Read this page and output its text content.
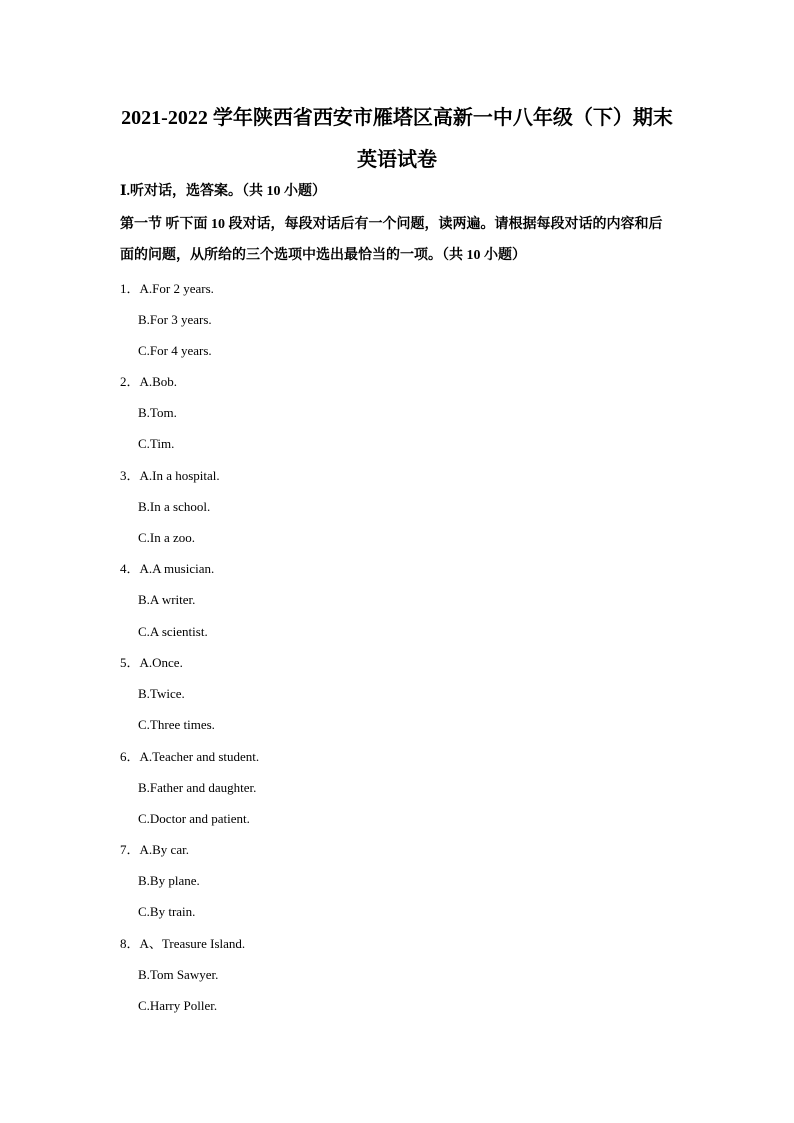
2021-2022 学年陕西省西安市雁塔区高新一中八年级（下）期末
英语试卷

Ⅰ.听对话，选答案。（共 10 小题）

第一节 听下面 10 段对话，每段对话后有一个问题，读两遍。请根据每段对话的内容和后

面的问题，从所给的三个选项中选出最恰当的一项。（共 10 小题）

1．A.For 2 years.

B.For 3 years.

C.For 4 years.

2．A.Bob.

B.Tom.

C.Tim.

3．A.In a hospital.

B.In a school.

C.In a zoo.

4．A.A musician.

B.A writer.

C.A scientist.

5．A.Once.

B.Twice.

C.Three times.

6．A.Teacher and student.

B.Father and daughter.

C.Doctor and patient.

7．A.By car.

B.By plane.

C.By train.

8．A、Treasure Island.

B.Tom Sawyer.

C.Harry Poller.
